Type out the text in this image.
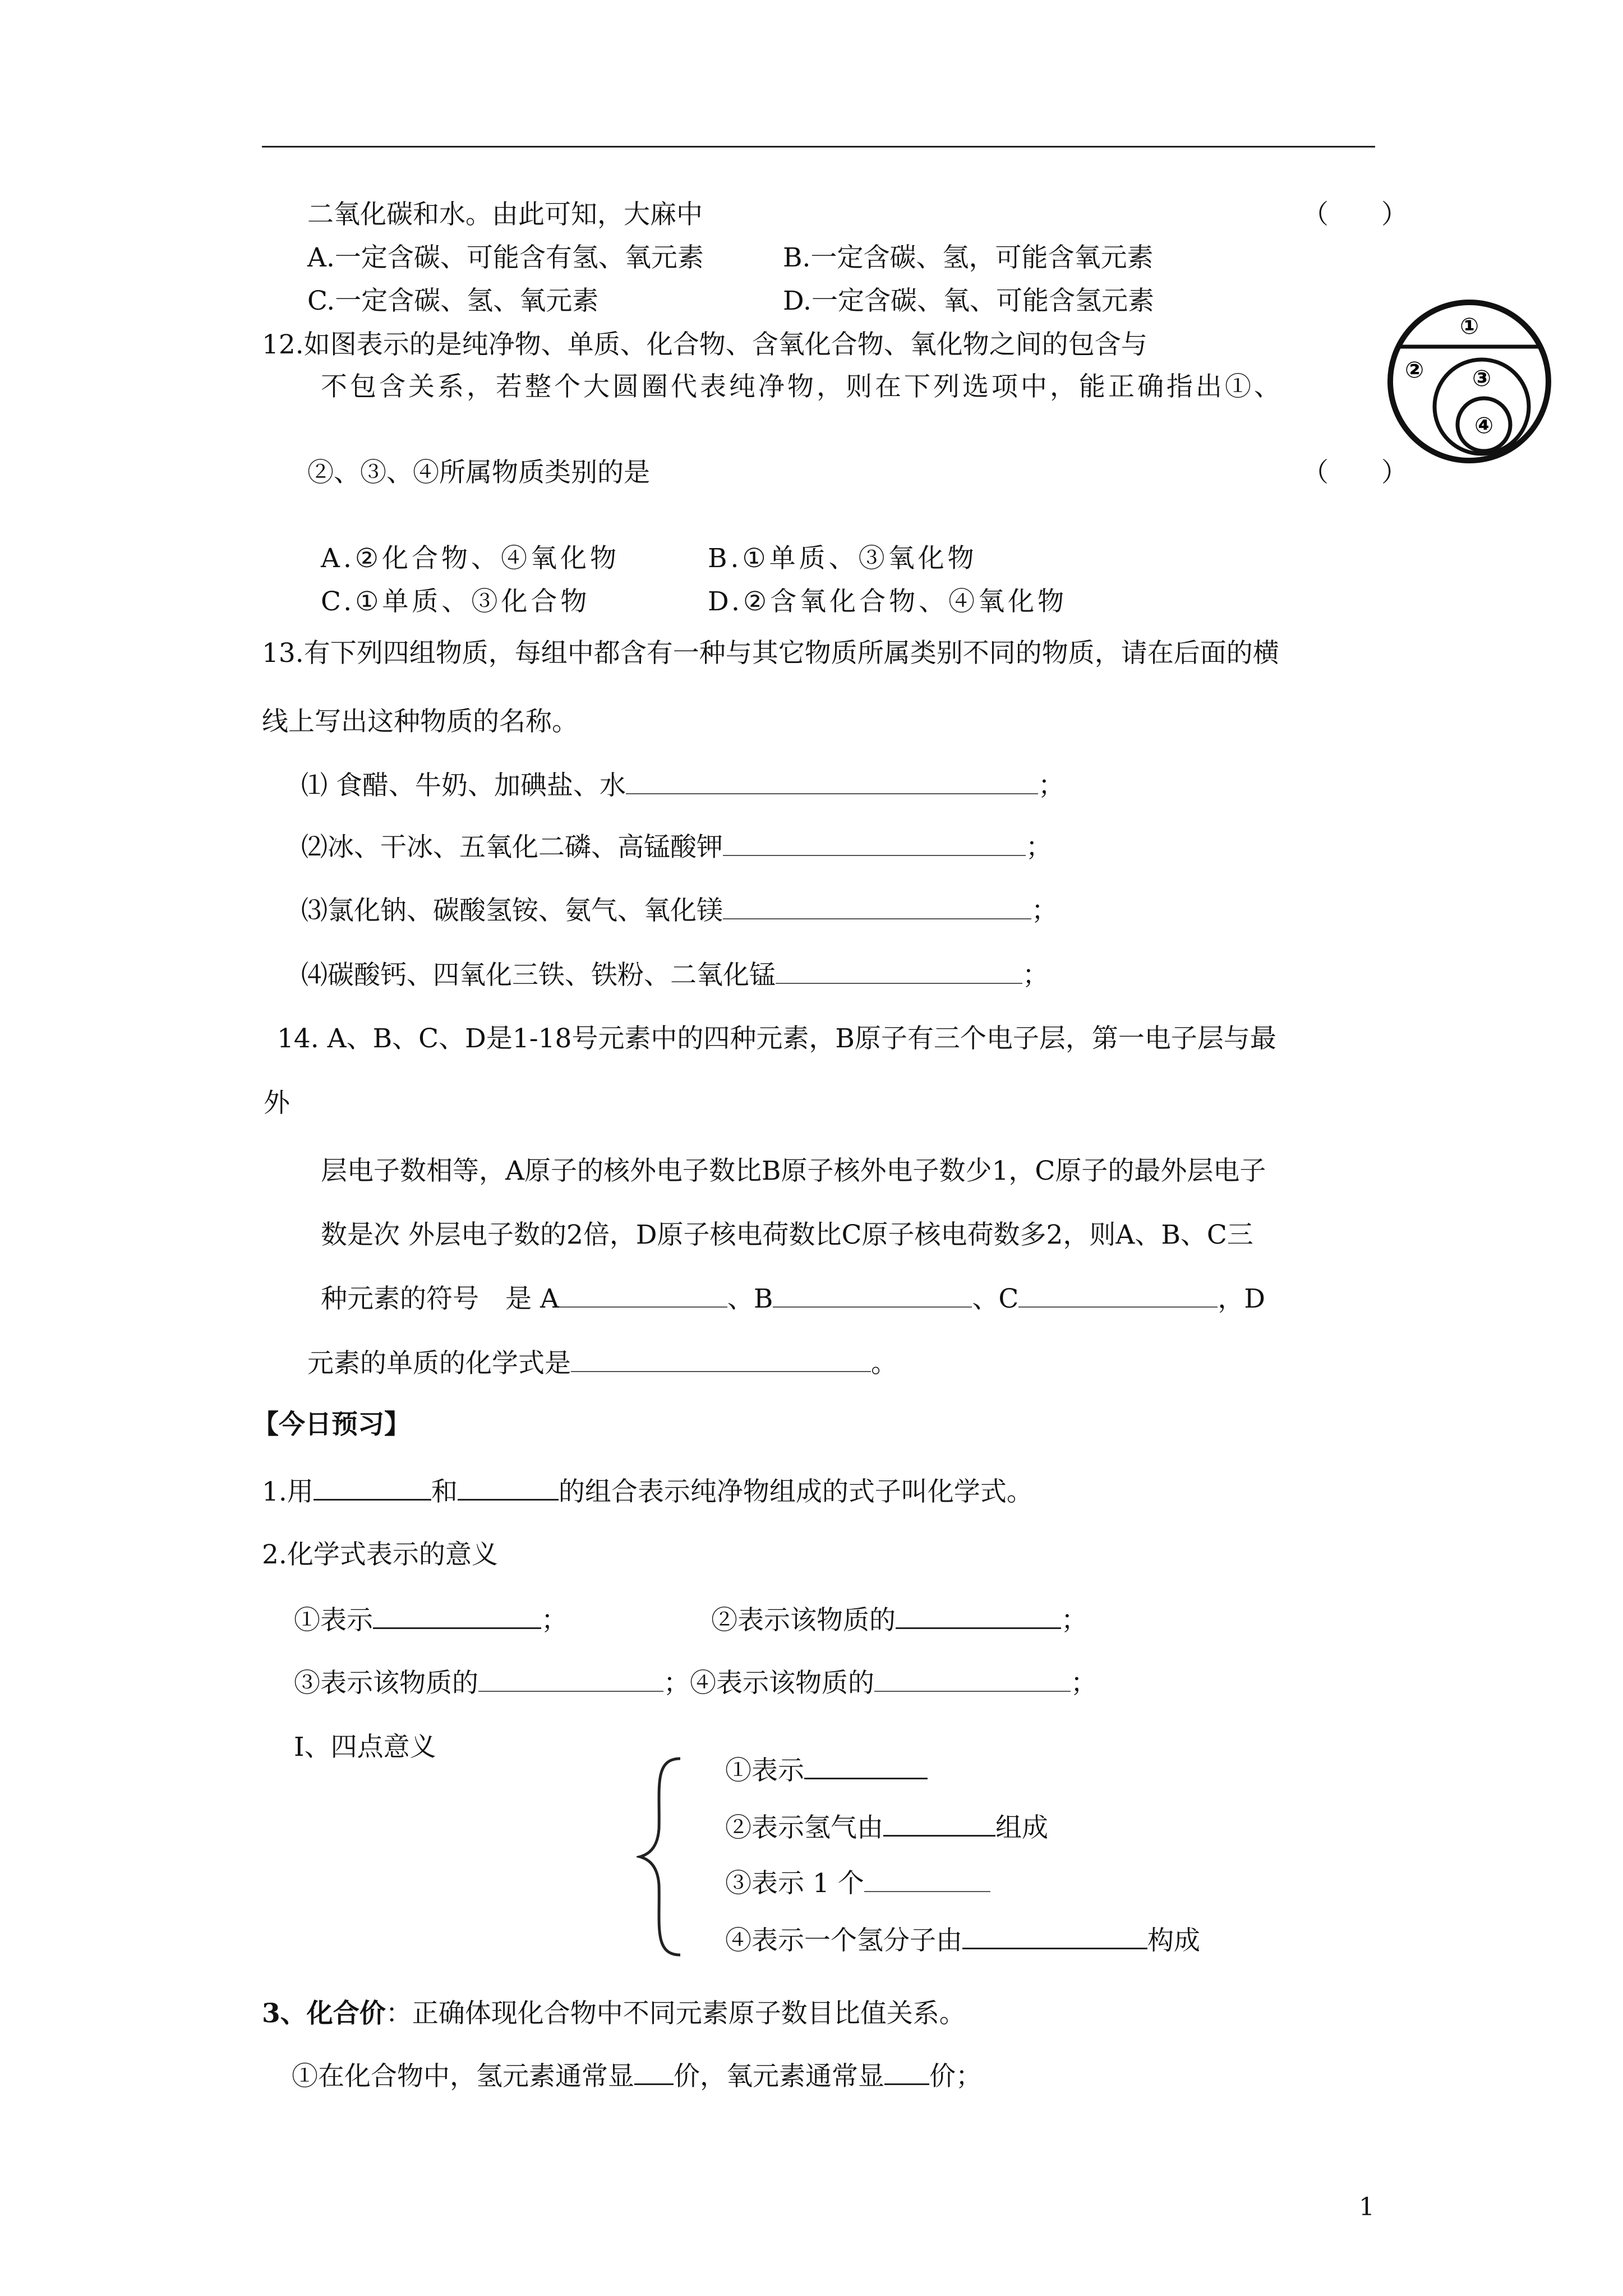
二氧化碳和水。由此可知，大麻中	（　　）
A.一定含碳、可能含有氢、氧元素	B.一定含碳、氢，可能含氧元素
C.一定含碳、氢、氧元素	D.一定含碳、氧、可能含氢元素
12.如图表示的是纯净物、单质、化合物、含氧化合物、氧化物之间的包含与
不包含关系，若整个大圆圈代表纯净物，则在下列选项中，能正确指出①、
②、③、④所属物质类别的是	（　　）
A.②化合物、④氧化物	B.①单质、③氧化物
C.①单质、③化合物	D.②含氧化合物、④氧化物
①
② ③
④
13.有下列四组物质，每组中都含有一种与其它物质所属类别不同的物质，请在后面的横
线上写出这种物质的名称。
⑴ 食醋、牛奶、加碘盐、水	；
⑵冰、干冰、五氧化二磷、高锰酸钾	；
⑶氯化钠、碳酸氢铵、氨气、氧化镁	；
⑷碳酸钙、四氧化三铁、铁粉、二氧化锰	；
14. A、B、C、D是1-18号元素中的四种元素，B原子有三个电子层，第一电子层与最
外
层电子数相等，A原子的核外电子数比B原子核外电子数少1，C原子的最外层电子
数是次 外层电子数的2倍，D原子核电荷数比C原子核电荷数多2，则A、B、C三
种元素的符号　是 A	、B	、C	，D
元素的单质的化学式是	。
【今日预习】
1.用	和	的组合表示纯净物组成的式子叫化学式。
2.化学式表示的意义
①表示	；	②表示该物质的	；
③表示该物质的	；④表示该物质的	；
I、四点意义
①表示
②表示氢气由	组成
③表示 1 个
④表示一个氢分子由	构成
3、化合价：正确体现化合物中不同元素原子数目比值关系。
①在化合物中，氢元素通常显 价，氧元素通常显 价；
1
